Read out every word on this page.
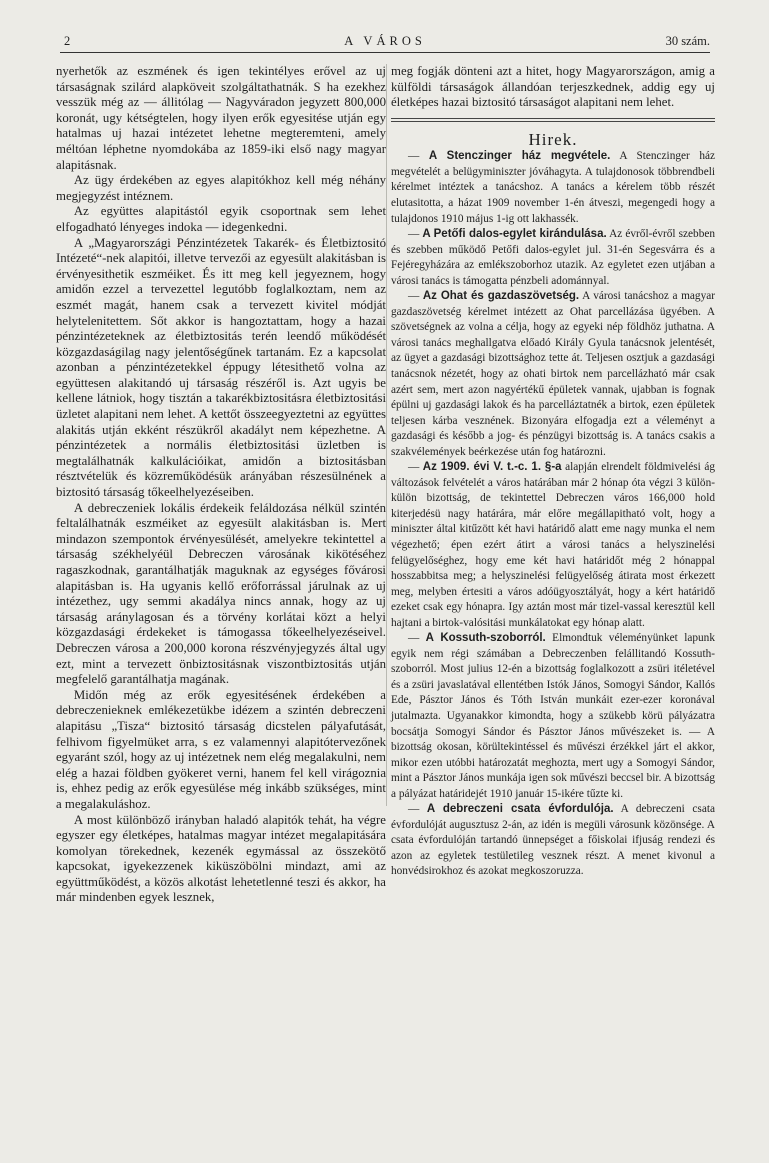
2	A VÁROS	30 szám.

nyerhetők az eszmének és igen tekintélyes erővel az uj társaságnak szilárd alapköveit szolgáltathatnák. S ha ezekhez vesszük még az — állitólag — Nagyváradon jegyzett 800,000 koronát, ugy kétségtelen, hogy ilyen erők egyesitése utján egy hatalmas uj hazai intézetet lehetne megteremteni, amely méltóan léphetne nyomdokába az 1859-iki első nagy magyar alapitásnak.

Az ügy érdekében az egyes alapitókhoz kell még néhány megjegyzést intéznem.

Az együttes alapitástól egyik csoportnak sem lehet elfogadható lényeges indoka — idegenkedni.

A „Magyarországi Pénzintézetek Takarék- és Életbiztositó Intézeté“-nek alapitói, illetve tervezői az egyesült alakitásban is érvényesithetik eszméiket. És itt meg kell jegyeznem, hogy amidőn ezzel a tervezettel legutóbb foglalkoztam, nem az eszmét magát, hanem csak a tervezett kivitel módját helytelenitettem. Sőt akkor is hangoztattam, hogy a hazai pénzintézeteknek az életbiztositás terén leendő működését közgazdaságilag nagy jelentőségűnek tartanám. Ez a kapcsolat azonban a pénzintézetekkel éppugy létesithető volna az együttesen alakitandó uj társaság részéről is. Azt ugyis be kellene látniok, hogy tisztán a takarékbiztositásra életbiztositási üzletet alapitani nem lehet. A kettőt összeegyeztetni az együttes alakitás utján ekként részükről akadályt nem képezhetne. A pénzintézetek a normális életbiztositási üzletben is megtalálhatnák kalkulációikat, amidőn a biztositásban résztvételük és közreműködésük arányában részesülnének a biztositó társaság tőkeelhelyezéseiben.

A debreczeniek lokális érdekeik feláldozása nélkül szintén feltalálhatnák eszméiket az egyesült alakitásban is. Mert mindazon szempontok érvényesülését, amelyekre tekintettel a társaság székhelyéül Debreczen városának kikötéséhez ragaszkodnak, garantálhatják maguknak az egységes fővárosi alapitásban is. Ha ugyanis kellő erőforrással járulnak az uj intézethez, ugy semmi akadálya nincs annak, hogy az uj társaság aránylagosan és a törvény korlátai közt a helyi közgazdasági érdekeket is támogassa tőkeelhelyezéseivel. Debreczen városa a 200,000 korona részvényjegyzés által ugy ezt, mint a tervezett önbiztositásnak viszontbiztositás utján megfelelő garantálhatja magának.

Midőn még az erők egyesitésének érdekében a debreczenieknek emlékezetükbe idézem a szintén debreczeni alapitásu „Tisza“ biztositó társaság dicstelen pályafutását, felhivom figyelmüket arra, s ez valamennyi alapitótervezőnek egyaránt szól, hogy az uj intézetnek nem elég megalakulni, nem elég a hazai földben gyökeret verni, hanem fel kell virágoznia is, ehhez pedig az erők egyesülése még inkább szükséges, mint a megalakuláshoz.

A most különböző irányban haladó alapitók tehát, ha végre egyszer egy életképes, hatalmas magyar intézet megalapitására komolyan törekednek, kezenék egymással az összekötő kapcsokat, igyekezzenek kiküszöbölni mindazt, ami az együttműködést, a közös alkotást lehetetlenné teszi és akkor, ha már mindenben egyek lesznek,

meg fogják dönteni azt a hitet, hogy Magyarországon, amig a külföldi társaságok állandóan terjeszkednek, addig egy uj életképes hazai biztositó társaságot alapitani nem lehet.

Hirek.

— A Stenczinger ház megvétele. A Stenczinger ház megvételét a belügyminiszter jóváhagyta. A tulajdonosok többrendbeli kérelmet intéztek a tanácshoz. A tanács a kérelem több részét elutasitotta, a házat 1909 november 1-én átveszi, megengedi hogy a tulajdonos 1910 május 1-ig ott lakhassék.

— A Petőfi dalos-egylet kirándulása. Az évről-évről szebben és szebben működő Petőfi dalos-egylet jul. 31-én Segesvárra és a Fejéregyházára az emlékszoborhoz utazik. Az egyletet ezen utjában a városi tanács is támogatta pénzbeli adománnyal.

— Az Ohat és gazdaszövetség. A városi tanácshoz a magyar gazdaszövetség kérelmet intézett az Ohat parcellázása ügyében. A szövetségnek az volna a célja, hogy az egyeki nép földhöz juthatna. A városi tanács meghallgatva előadó Király Gyula tanácsnok jelentését, az ügyet a gazdasági bizottsághoz tette át. Teljesen osztjuk a gazdasági tanácsnok nézetét, hogy az ohati birtok nem parcellázható már csak azért sem, mert azon nagyértékű épületek vannak, ujabban is fognak épülni uj gazdasági lakok és ha parcelláztatnék a birtok, ezen épületek teljesen kárba vesznének. Bizonyára elfogadja ezt a véleményt a gazdasági és később a jog- és pénzügyi bizottság is. A tanács csakis a szakvélemények beérkezése után fog határozni.

— Az 1909. évi V. t.-c. 1. §-a alapján elrendelt földmivelési ág változások felvételét a város határában már 2 hónap óta végzi 3 külön-külön bizottság, de tekintettel Debreczen város 166,000 hold kiterjedésü nagy határára, már előre megállapitható volt, hogy a miniszter által kitűzött két havi határidő alatt eme nagy munka el nem végezhető; épen ezért átirt a városi tanács a helyszinelési felügyelőséghez, hogy eme két havi határidőt még 2 hónappal hosszabbitsa meg; a helyszinelési felügyelőség átirata most érkezett meg, melyben értesiti a város adóügyosztályát, hogy a kért határidő ezeket csak egy hónapra. Igy aztán most már tizel-vassal keresztül kell hajtani a birtok-valósitási munkálatokat egy hónap alatt.

— A Kossuth-szoborról. Elmondtuk véleményünket lapunk egyik nem régi számában a Debreczenben felállitandó Kossuth-szoborról. Most julius 12-én a bizottság foglalkozott a zsüri itéletével és a zsüri javaslatával ellentétben Istók János, Somogyi Sándor, Kallós Ede, Pásztor János és Tóth István munkáit ezer-ezer koronával jutalmazta. Ugyanakkor kimondta, hogy a szükebb körü pályázatra bocsátja Somogyi Sándor és Pásztor János művészeket is. — A bizottság okosan, körültekintéssel és művészi érzékkel járt el akkor, mikor ezen utóbbi határozatát meghozta, mert ugy a Somogyi Sándor, mint a Pásztor János munkája igen sok művészi beccsel bir. A bizottság a pályázat határidejét 1910 január 15-ikére tűzte ki.

— A debreczeni csata évfordulója. A debreczeni csata évfordulóját augusztusz 2-án, az idén is megüli városunk közönsége. A csata évfordulóján tartandó ünnepséget a főiskolai ifjuság rendezi és azon az egyletek testületileg vesznek részt. A menet kivonul a honvédsirokhoz és azokat megkoszoruzza.
